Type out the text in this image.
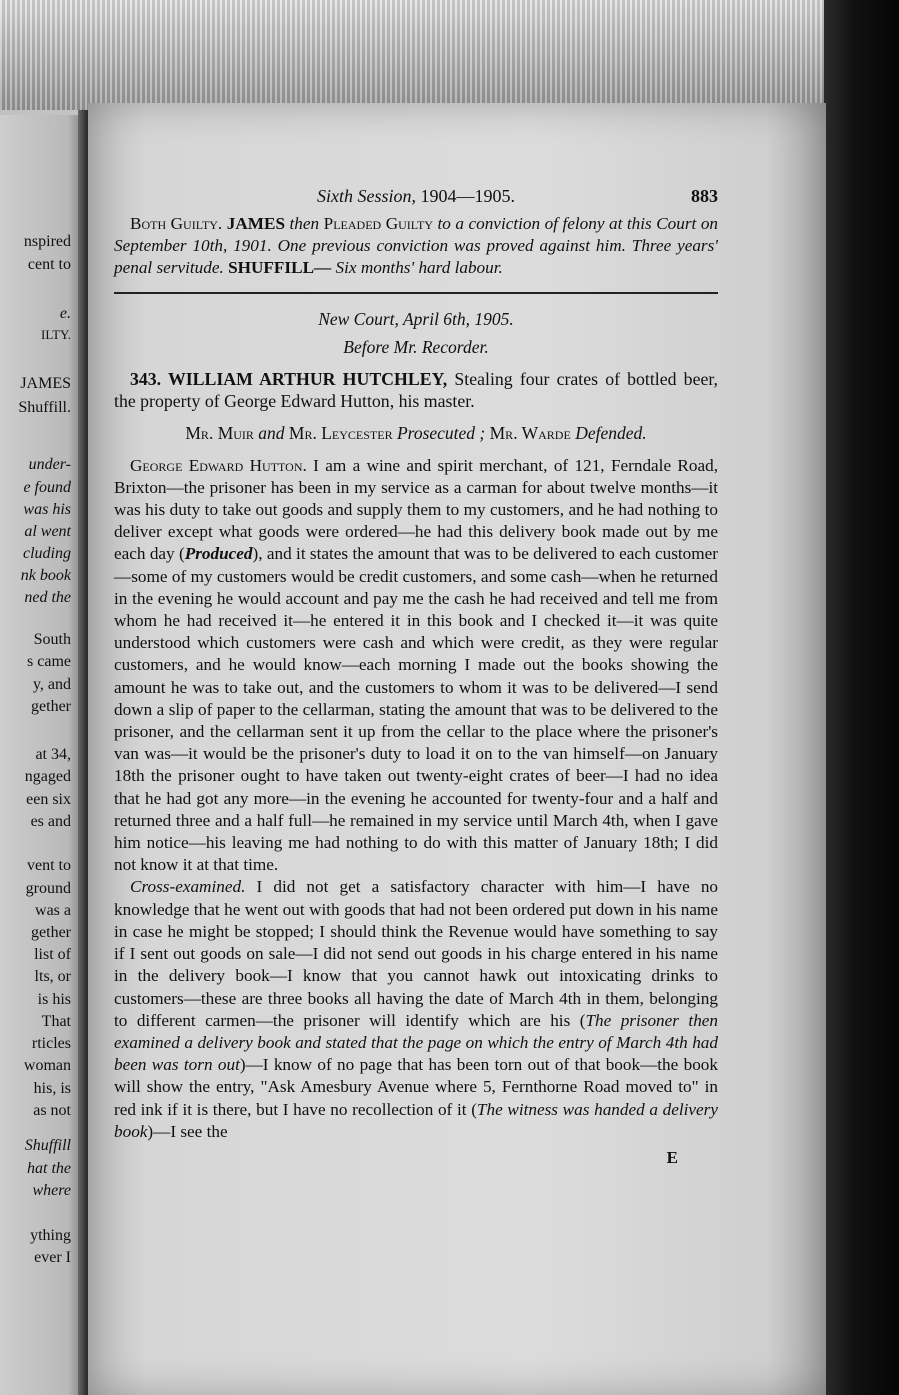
nspired
cent to
e.
ILTY.
JAMES
Shuffill.
under-
e found
was his
al went
cluding
nk book
ned the
South
s came
y, and
gether
at 34,
ngaged
een six
es and
vent to
ground
was a
gether
list of
lts, or
is his
That
rticles
woman
his, is
as not
Shuffill
hat the
where
ything
ever I
Sixth Session, 1904—1905.	883

Both Guilty. JAMES then Pleaded Guilty to a conviction of felony at this Court on September 10th, 1901. One previous conviction was proved against him. Three years' penal servitude. SHUFFILL— Six months' hard labour.

New Court, April 6th, 1905.

Before Mr. Recorder.

343. WILLIAM ARTHUR HUTCHLEY, Stealing four crates of bottled beer, the property of George Edward Hutton, his master.

Mr. Muir and Mr. Leycester Prosecuted ; Mr. Warde Defended.

George Edward Hutton. I am a wine and spirit merchant, of 121, Ferndale Road, Brixton—the prisoner has been in my service as a carman for about twelve months—it was his duty to take out goods and supply them to my customers, and he had nothing to deliver except what goods were ordered—he had this delivery book made out by me each day (Produced), and it states the amount that was to be delivered to each customer—some of my customers would be credit customers, and some cash—when he returned in the evening he would account and pay me the cash he had received and tell me from whom he had received it—he entered it in this book and I checked it—it was quite understood which customers were cash and which were credit, as they were regular customers, and he would know—each morning I made out the books showing the amount he was to take out, and the customers to whom it was to be delivered—I send down a slip of paper to the cellarman, stating the amount that was to be delivered to the prisoner, and the cellarman sent it up from the cellar to the place where the prisoner's van was—it would be the prisoner's duty to load it on to the van himself—on January 18th the prisoner ought to have taken out twenty-eight crates of beer—I had no idea that he had got any more—in the evening he accounted for twenty-four and a half and returned three and a half full—he remained in my service until March 4th, when I gave him notice—his leaving me had nothing to do with this matter of January 18th; I did not know it at that time.

Cross-examined. I did not get a satisfactory character with him—I have no knowledge that he went out with goods that had not been ordered put down in his name in case he might be stopped; I should think the Revenue would have something to say if I sent out goods on sale—I did not send out goods in his charge entered in his name in the delivery book—I know that you cannot hawk out intoxicating drinks to customers—these are three books all having the date of March 4th in them, belonging to different carmen—the prisoner will identify which are his (The prisoner then examined a delivery book and stated that the page on which the entry of March 4th had been was torn out)—I know of no page that has been torn out of that book—the book will show the entry, "Ask Amesbury Avenue where 5, Fernthorne Road moved to" in red ink if it is there, but I have no recollection of it (The witness was handed a delivery book)—I see the

E
